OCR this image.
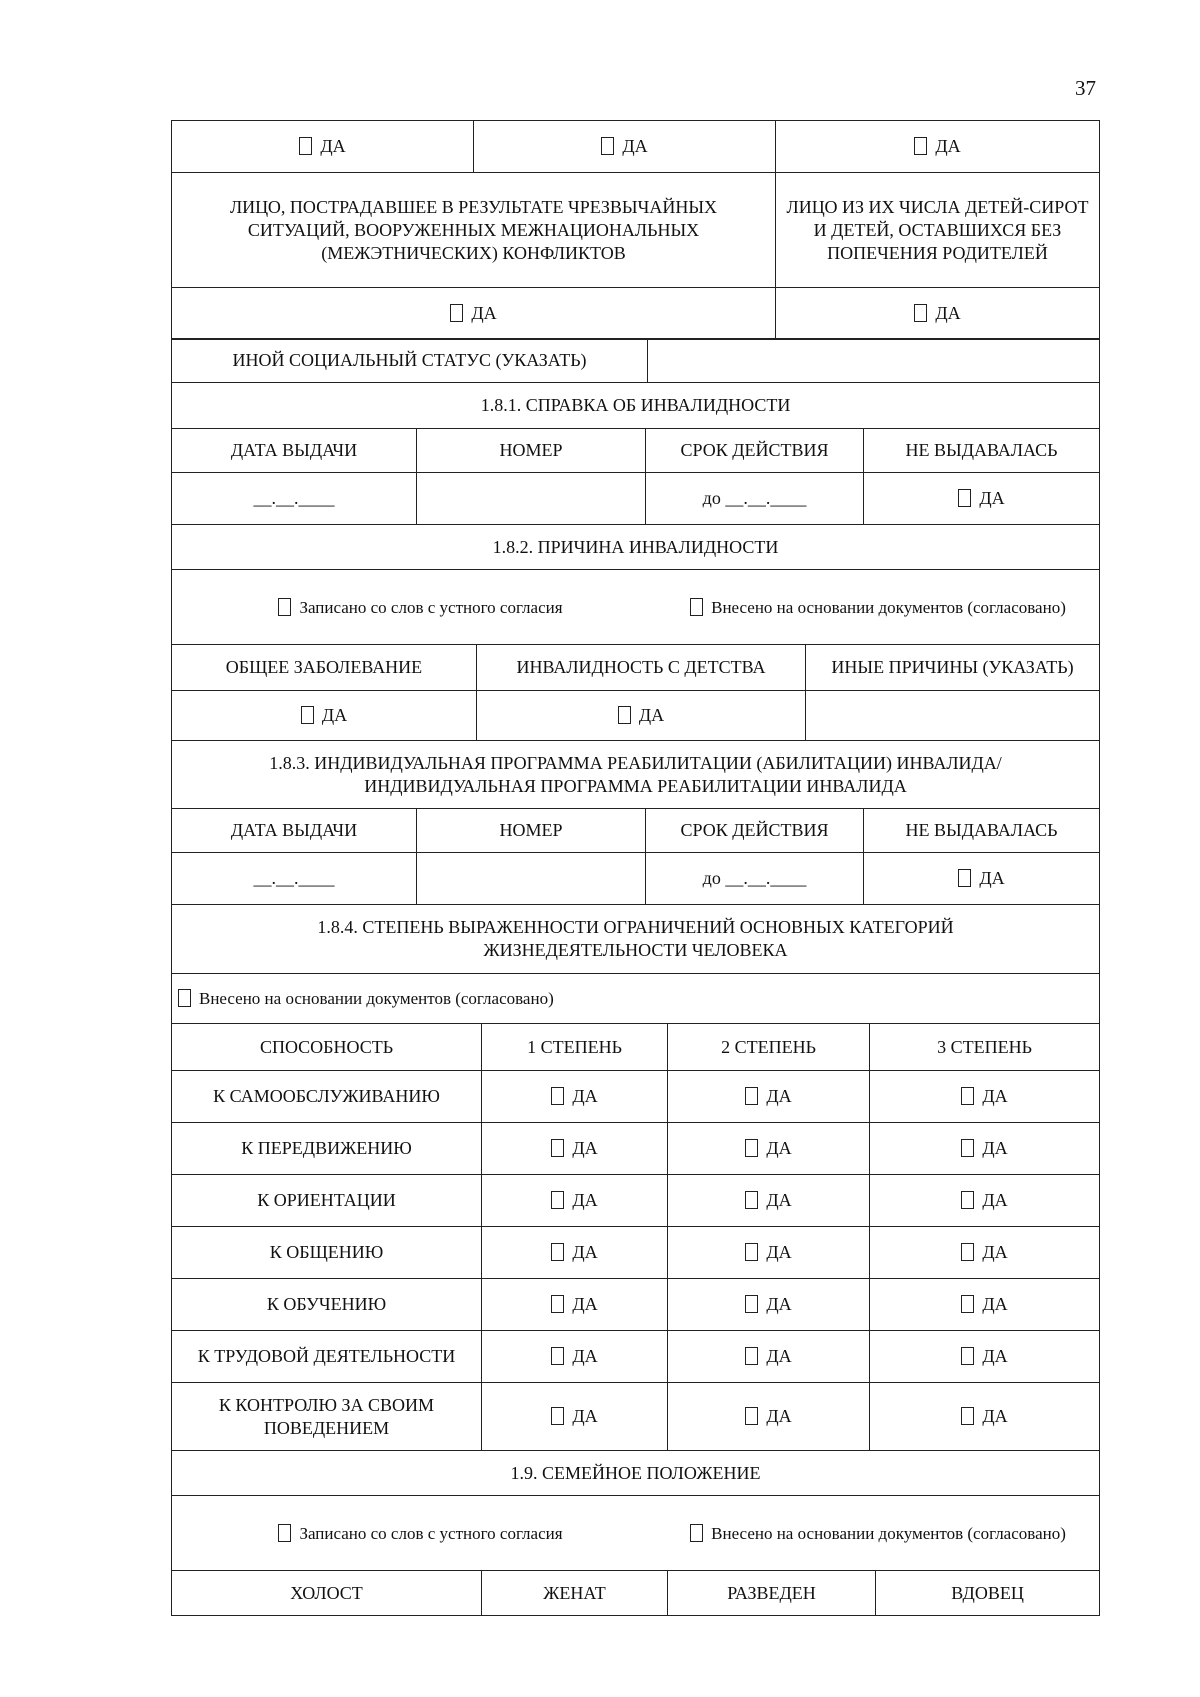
37
ДА	ДА	ДА
ЛИЦО, ПОСТРАДАВШЕЕ В РЕЗУЛЬТАТЕ ЧРЕЗВЫЧАЙНЫХ СИТУАЦИЙ, ВООРУЖЕННЫХ МЕЖНАЦИОНАЛЬНЫХ (МЕЖЭТНИЧЕСКИХ) КОНФЛИКТОВ		ЛИЦО ИЗ ИХ ЧИСЛА ДЕТЕЙ-СИРОТ И ДЕТЕЙ, ОСТАВШИХСЯ БЕЗ ПОПЕЧЕНИЯ РОДИТЕЛЕЙ
ДА		ДА
ИНОЙ СОЦИАЛЬНЫЙ СТАТУС (УКАЗАТЬ)	
1.8.1. СПРАВКА ОБ ИНВАЛИДНОСТИ			
ДАТА ВЫДАЧИ	НОМЕР	СРОК ДЕЙСТВИЯ	НЕ ВЫДАВАЛАСЬ
__.__.____		до __.__.____	ДА
1.8.2. ПРИЧИНА ИНВАЛИДНОСТИ		

Записано со слов с устного согласия Внесено на основании документов (согласовано)		

ОБЩЕЕ ЗАБОЛЕВАНИЕ	ИНВАЛИДНОСТЬ С ДЕТСТВА	ИНЫЕ ПРИЧИНЫ (УКАЗАТЬ)
ДА	ДА	
1.8.3. ИНДИВИДУАЛЬНАЯ ПРОГРАММА РЕАБИЛИТАЦИИ (АБИЛИТАЦИИ) ИНВАЛИДА/ИНДИВИДУАЛЬНАЯ ПРОГРАММА РЕАБИЛИТАЦИИ ИНВАЛИДА			
ДАТА ВЫДАЧИ	НОМЕР	СРОК ДЕЙСТВИЯ	НЕ ВЫДАВАЛАСЬ
__.__.____		до __.__.____	ДА
1.8.4. СТЕПЕНЬ ВЫРАЖЕННОСТИ ОГРАНИЧЕНИЙ ОСНОВНЫХ КАТЕГОРИЙ ЖИЗНЕДЕЯТЕЛЬНОСТИ ЧЕЛОВЕКА			
Внесено на основании документов (согласовано)			
СПОСОБНОСТЬ	1 СТЕПЕНЬ	2 СТЕПЕНЬ	3 СТЕПЕНЬ
К САМООБСЛУЖИВАНИЮ	ДА	ДА	ДА
К ПЕРЕДВИЖЕНИЮ	ДА	ДА	ДА
К ОРИЕНТАЦИИ	ДА	ДА	ДА
К ОБЩЕНИЮ	ДА	ДА	ДА
К ОБУЧЕНИЮ	ДА	ДА	ДА
К ТРУДОВОЙ ДЕЯТЕЛЬНОСТИ	ДА	ДА	ДА
К КОНТРОЛЮ ЗА СВОИМ ПОВЕДЕНИЕМ	ДА	ДА	ДА
1.9. СЕМЕЙНОЕ ПОЛОЖЕНИЕ

Записано со слов с устного согласия	Внесено на основании документов (согласовано)

ХОЛОСТ	ЖЕНАТ	РАЗВЕДЕН	ВДОВЕЦ
